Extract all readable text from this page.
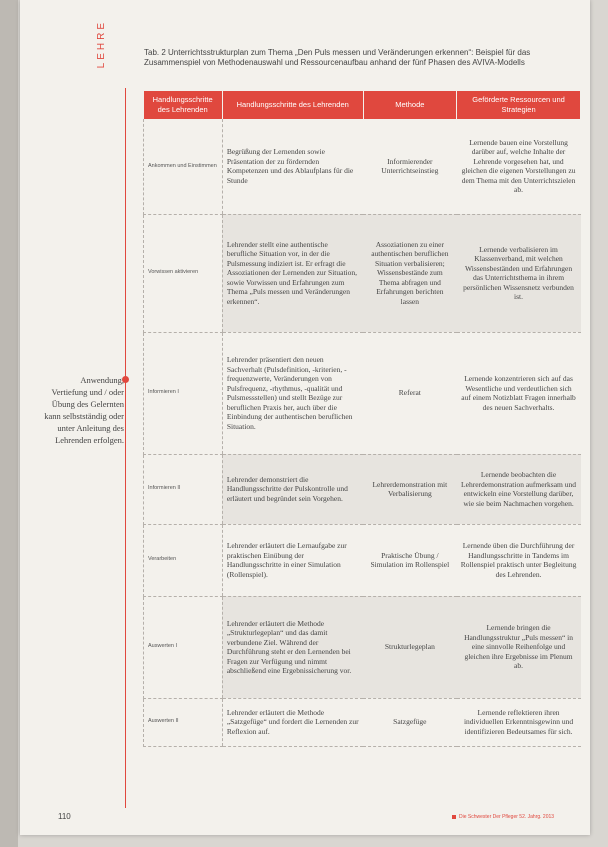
LEHRE
Anwendung, Vertiefung und / oder Übung des Gelernten kann selbstständig oder unter Anleitung des Lehrenden erfolgen.
Tab. 2 Unterrichtsstrukturplan zum Thema „Den Puls messen und Veränderungen erkennen“: Beispiel für das Zusammenspiel von Methodenauswahl und Ressourcenaufbau anhand der fünf Phasen des AVIVA-Modells
Handlungsschritte des Lehrenden	Handlungsschritte des Lehrenden	Methode	Geförderte Ressourcen und Strategien
Ankommen und Einstimmen	Begrüßung der Lernenden sowie Präsentation der zu fördernden Kompetenzen und des Ablaufplans für die Stunde	Informierender Unterrichtseinstieg	Lernende bauen eine Vorstellung darüber auf, welche Inhalte der Lehrende vorgesehen hat, und gleichen die eigenen Vorstellungen zu dem Thema mit den Unterrichtszielen ab.
Vorwissen aktivieren	Lehrender stellt eine authentische berufliche Situation vor, in der die Pulsmessung indiziert ist. Er erfragt die Assoziationen der Lernenden zur Situation, sowie Vorwissen und Erfahrungen zum Thema „Puls messen und Veränderungen erkennen“.	Assoziationen zu einer authentischen beruflichen Situation verbalisieren; Wissensbestände zum Thema abfragen und Erfahrungen berichten lassen	Lernende verbalisieren im Klassenverband, mit welchen Wissensbeständen und Erfahrungen das Unterrichtsthema in ihrem persönlichen Wissensnetz verbunden ist.
Informieren I	Lehrender präsentiert den neuen Sachverhalt (Pulsdefinition, -kriterien, -frequenzwerte, Veränderungen von Pulsfrequenz, -rhythmus, -qualität und Pulsmessstellen) und stellt Bezüge zur beruflichen Praxis her, auch über die Einbindung der authentischen beruflichen Situation.	Referat	Lernende konzentrieren sich auf das Wesentliche und verdeutlichen sich auf einem Notizblatt Fragen innerhalb des neuen Sachverhalts.
Informieren II	Lehrender demonstriert die Handlungsschritte der Pulskontrolle und erläutert und begründet sein Vorgehen.	Lehrerdemonstration mit Verbalisierung	Lernende beobachten die Lehrerdemonstration aufmerksam und entwickeln eine Vorstellung darüber, wie sie beim Nachmachen vorgehen.
Verarbeiten	Lehrender erläutert die Lernaufgabe zur praktischen Einübung der Handlungsschritte in einer Simulation (Rollenspiel).	Praktische Übung / Simulation im Rollenspiel	Lernende üben die Durchführung der Handlungsschritte in Tandems im Rollenspiel praktisch unter Begleitung des Lehrenden.
Auswerten I	Lehrender erläutert die Methode „Strukturlegeplan“ und das damit verbundene Ziel. Während der Durchführung steht er den Lernenden bei Fragen zur Verfügung und nimmt abschließend eine Ergebnissicherung vor.	Strukturlegeplan	Lernende bringen die Handlungsstruktur „Puls messen“ in eine sinnvolle Reihenfolge und gleichen ihre Ergebnisse im Plenum ab.
Auswerten II	Lehrender erläutert die Methode „Satzgefüge“ und fordert die Lernenden zur Reflexion auf.	Satzgefüge	Lernende reflektieren ihren individuellen Erkenntnisgewinn und identifizieren Bedeutsames für sich.
110	Die Schwester Der Pfleger 52. Jahrg. 2013
